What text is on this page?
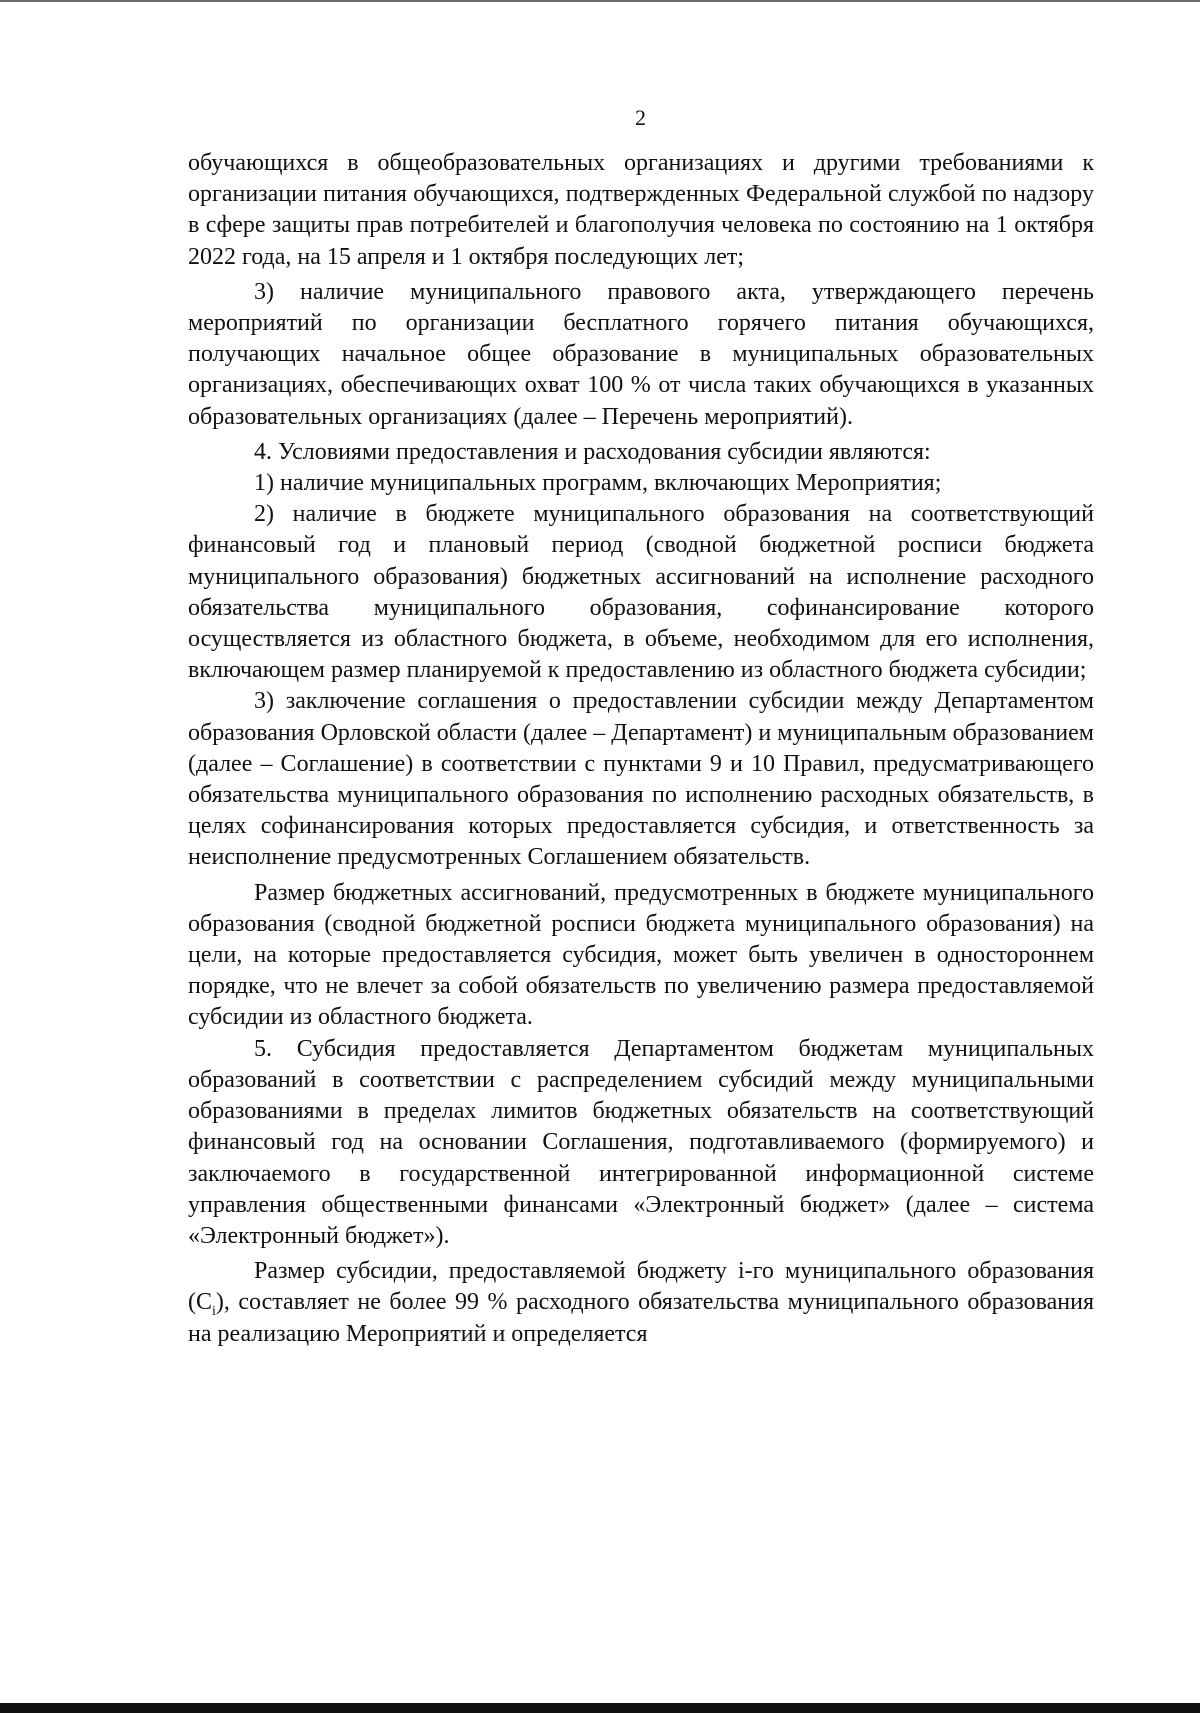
2

обучающихся в общеобразовательных организациях и другими требованиями к организации питания обучающихся, подтвержденных Федеральной службой по надзору в сфере защиты прав потребителей и благополучия человека по состоянию на 1 октября 2022 года, на 15 апреля и 1 октября последующих лет;

3) наличие муниципального правового акта, утверждающего перечень мероприятий по организации бесплатного горячего питания обучающихся, получающих начальное общее образование в муниципальных образовательных организациях, обеспечивающих охват 100 % от числа таких обучающихся в указанных образовательных организациях (далее – Перечень мероприятий).

4. Условиями предоставления и расходования субсидии являются:

1) наличие муниципальных программ, включающих Мероприятия;

2) наличие в бюджете муниципального образования на соответствующий финансовый год и плановый период (сводной бюджетной росписи бюджета муниципального образования) бюджетных ассигнований на исполнение расходного обязательства муниципального образования, софинансирование которого осуществляется из областного бюджета, в объеме, необходимом для его исполнения, включающем размер планируемой к предоставлению из областного бюджета субсидии;

3) заключение соглашения о предоставлении субсидии между Департаментом образования Орловской области (далее – Департамент) и муниципальным образованием (далее – Соглашение) в соответствии с пунктами 9 и 10 Правил, предусматривающего обязательства муниципального образования по исполнению расходных обязательств, в целях софинансирования которых предоставляется субсидия, и ответственность за неисполнение предусмотренных Соглашением обязательств.

Размер бюджетных ассигнований, предусмотренных в бюджете муниципального образования (сводной бюджетной росписи бюджета муниципального образования) на цели, на которые предоставляется субсидия, может быть увеличен в одностороннем порядке, что не влечет за собой обязательств по увеличению размера предоставляемой субсидии из областного бюджета.

5. Субсидия предоставляется Департаментом бюджетам муниципальных образований в соответствии с распределением субсидий между муниципальными образованиями в пределах лимитов бюджетных обязательств на соответствующий финансовый год на основании Соглашения, подготавливаемого (формируемого) и заключаемого в государственной интегрированной информационной системе управления общественными финансами «Электронный бюджет» (далее – система «Электронный бюджет»).

Размер субсидии, предоставляемой бюджету i-го муниципального образования $(C_i)$, составляет не более 99 % расходного обязательства муниципального образования на реализацию Мероприятий и определяется
